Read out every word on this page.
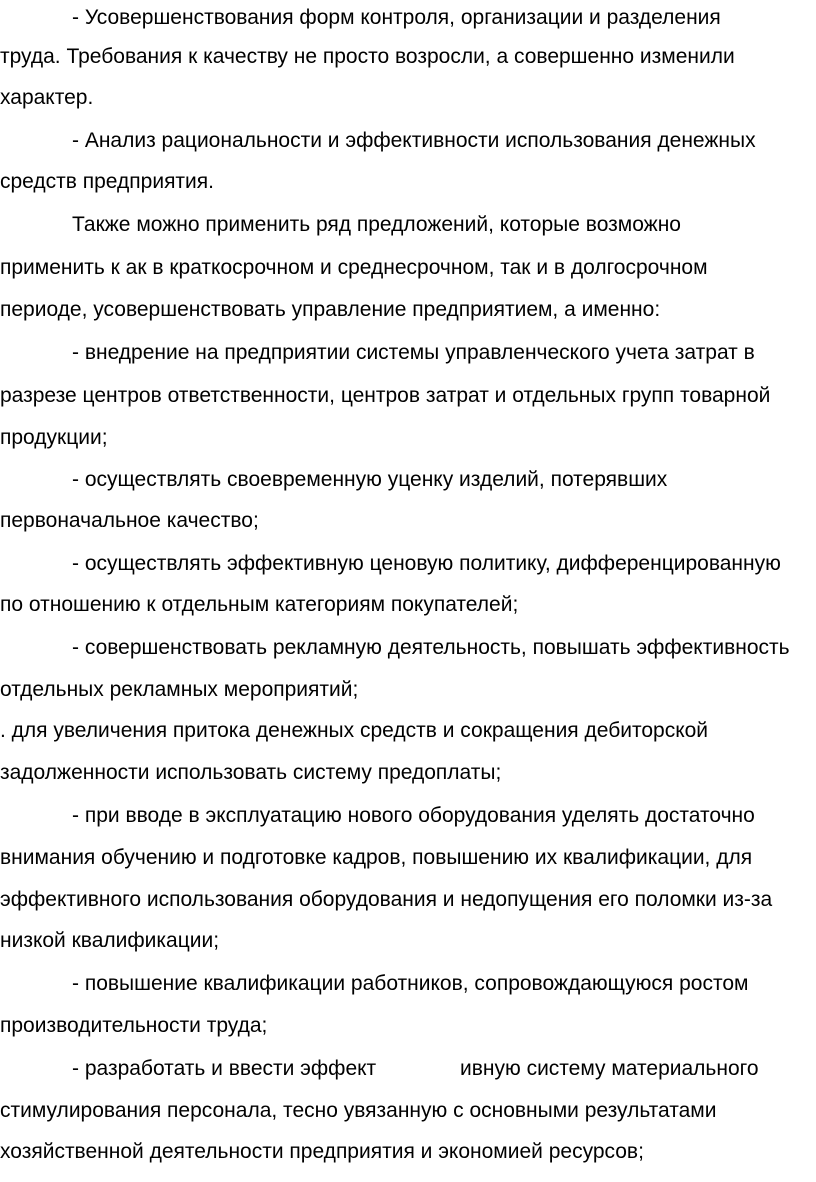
- Усовершенствования форм контроля, организации и разделения
труда. Требования к качеству не просто возросли, а совершенно изменили
характер.
- Анализ рациональности и эффективности использования денежных
средств предприятия.
Также можно применить ряд предложений, которые возможно
применить к ак в краткосрочном и среднесрочном, так и в долгосрочном
периоде, усовершенствовать управление предприятием, а именно:
- внедрение на предприятии системы управленческого учета затрат в
разрезе центров ответственности, центров затрат и отдельных групп товарной
продукции;
- осуществлять своевременную уценку изделий, потерявших
первоначальное качество;
- осуществлять эффективную ценовую политику, дифференцированную
по отношению к отдельным категориям покупателей;
- совершенствовать рекламную деятельность, повышать эффективность
отдельных рекламных мероприятий;
. для увеличения притока денежных средств и сокращения дебиторской
задолженности использовать систему предоплаты;
- при вводе в эксплуатацию нового оборудования уделять достаточно
внимания обучению и подготовке кадров, повышению их квалификации, для
эффективного использования оборудования и недопущения его поломки из-за
низкой квалификации;
- повышение квалификации работников, сопровождающуюся ростом
производительности труда;
- разработать и ввести эффект	ивную систему материального
стимулирования персонала, тесно увязанную с основными результатами
хозяйственной деятельности предприятия и экономией ресурсов;
